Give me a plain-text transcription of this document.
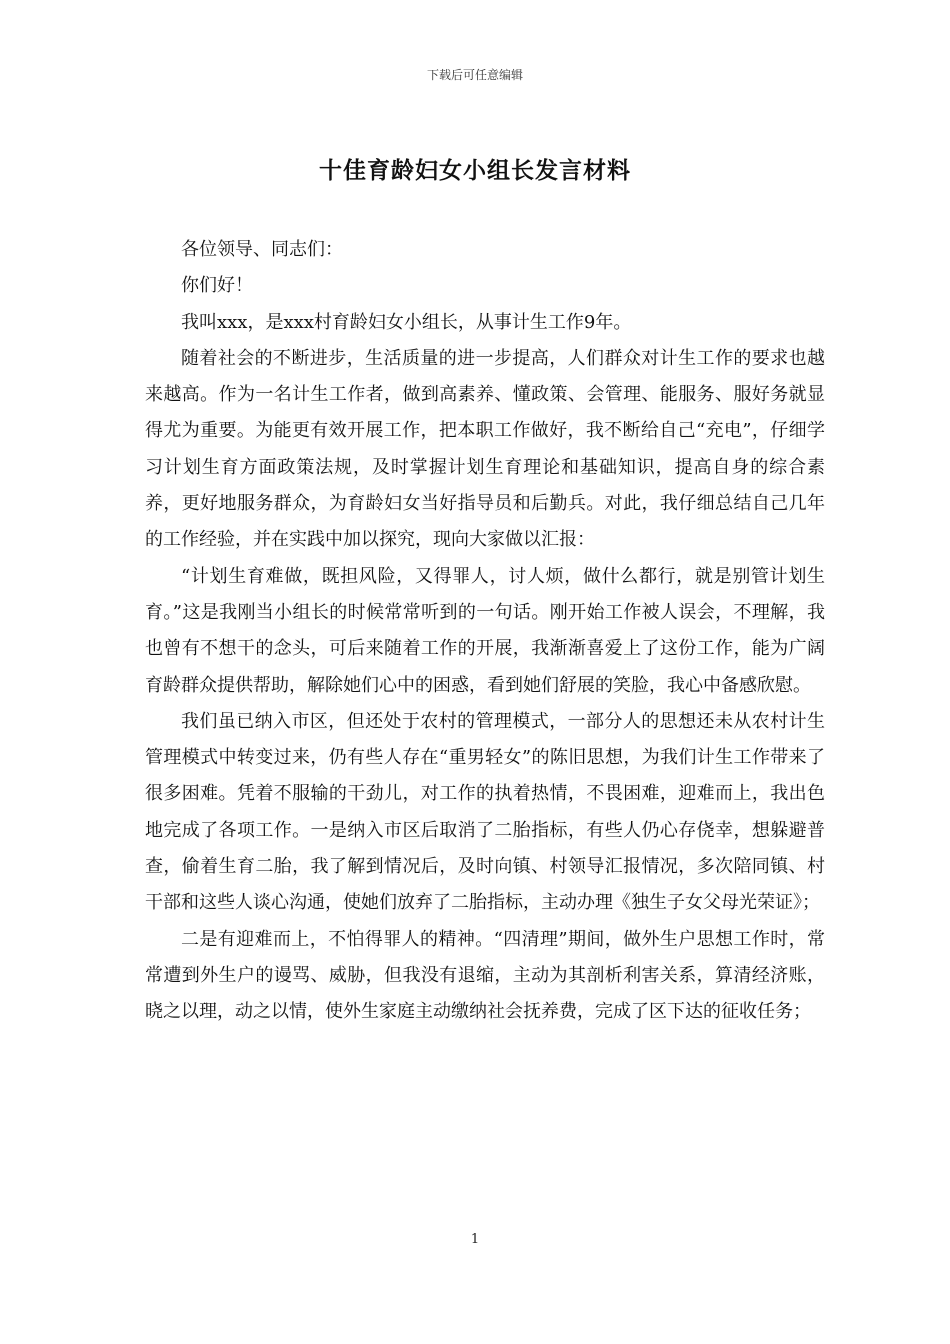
下载后可任意编辑
十佳育龄妇女小组长发言材料

各位领导、同志们：

你们好！

我叫xxx，是xxx村育龄妇女小组长，从事计生工作9年。

随着社会的不断进步，生活质量的进一步提高，人们群众对计生工作的要求也越来越高。作为一名计生工作者，做到高素养、懂政策、会管理、能服务、服好务就显得尤为重要。为能更有效开展工作，把本职工作做好，我不断给自己“充电”，仔细学习计划生育方面政策法规，及时掌握计划生育理论和基础知识，提高自身的综合素养，更好地服务群众，为育龄妇女当好指导员和后勤兵。对此，我仔细总结自己几年的工作经验，并在实践中加以探究，现向大家做以汇报：

“计划生育难做，既担风险，又得罪人，讨人烦，做什么都行，就是别管计划生育。”这是我刚当小组长的时候常常听到的一句话。刚开始工作被人误会，不理解，我也曾有不想干的念头，可后来随着工作的开展，我渐渐喜爱上了这份工作，能为广阔育龄群众提供帮助，解除她们心中的困惑，看到她们舒展的笑脸，我心中备感欣慰。

我们虽已纳入市区，但还处于农村的管理模式，一部分人的思想还未从农村计生管理模式中转变过来，仍有些人存在“重男轻女”的陈旧思想，为我们计生工作带来了很多困难。凭着不服输的干劲儿，对工作的执着热情，不畏困难，迎难而上，我出色地完成了各项工作。一是纳入市区后取消了二胎指标，有些人仍心存侥幸，想躲避普查，偷着生育二胎，我了解到情况后，及时向镇、村领导汇报情况，多次陪同镇、村干部和这些人谈心沟通，使她们放弃了二胎指标，主动办理《独生子女父母光荣证》；

二是有迎难而上，不怕得罪人的精神。“四清理”期间，做外生户思想工作时，常常遭到外生户的谩骂、威胁，但我没有退缩，主动为其剖析利害关系，算清经济账，晓之以理，动之以情，使外生家庭主动缴纳社会抚养费，完成了区下达的征收任务；

1
